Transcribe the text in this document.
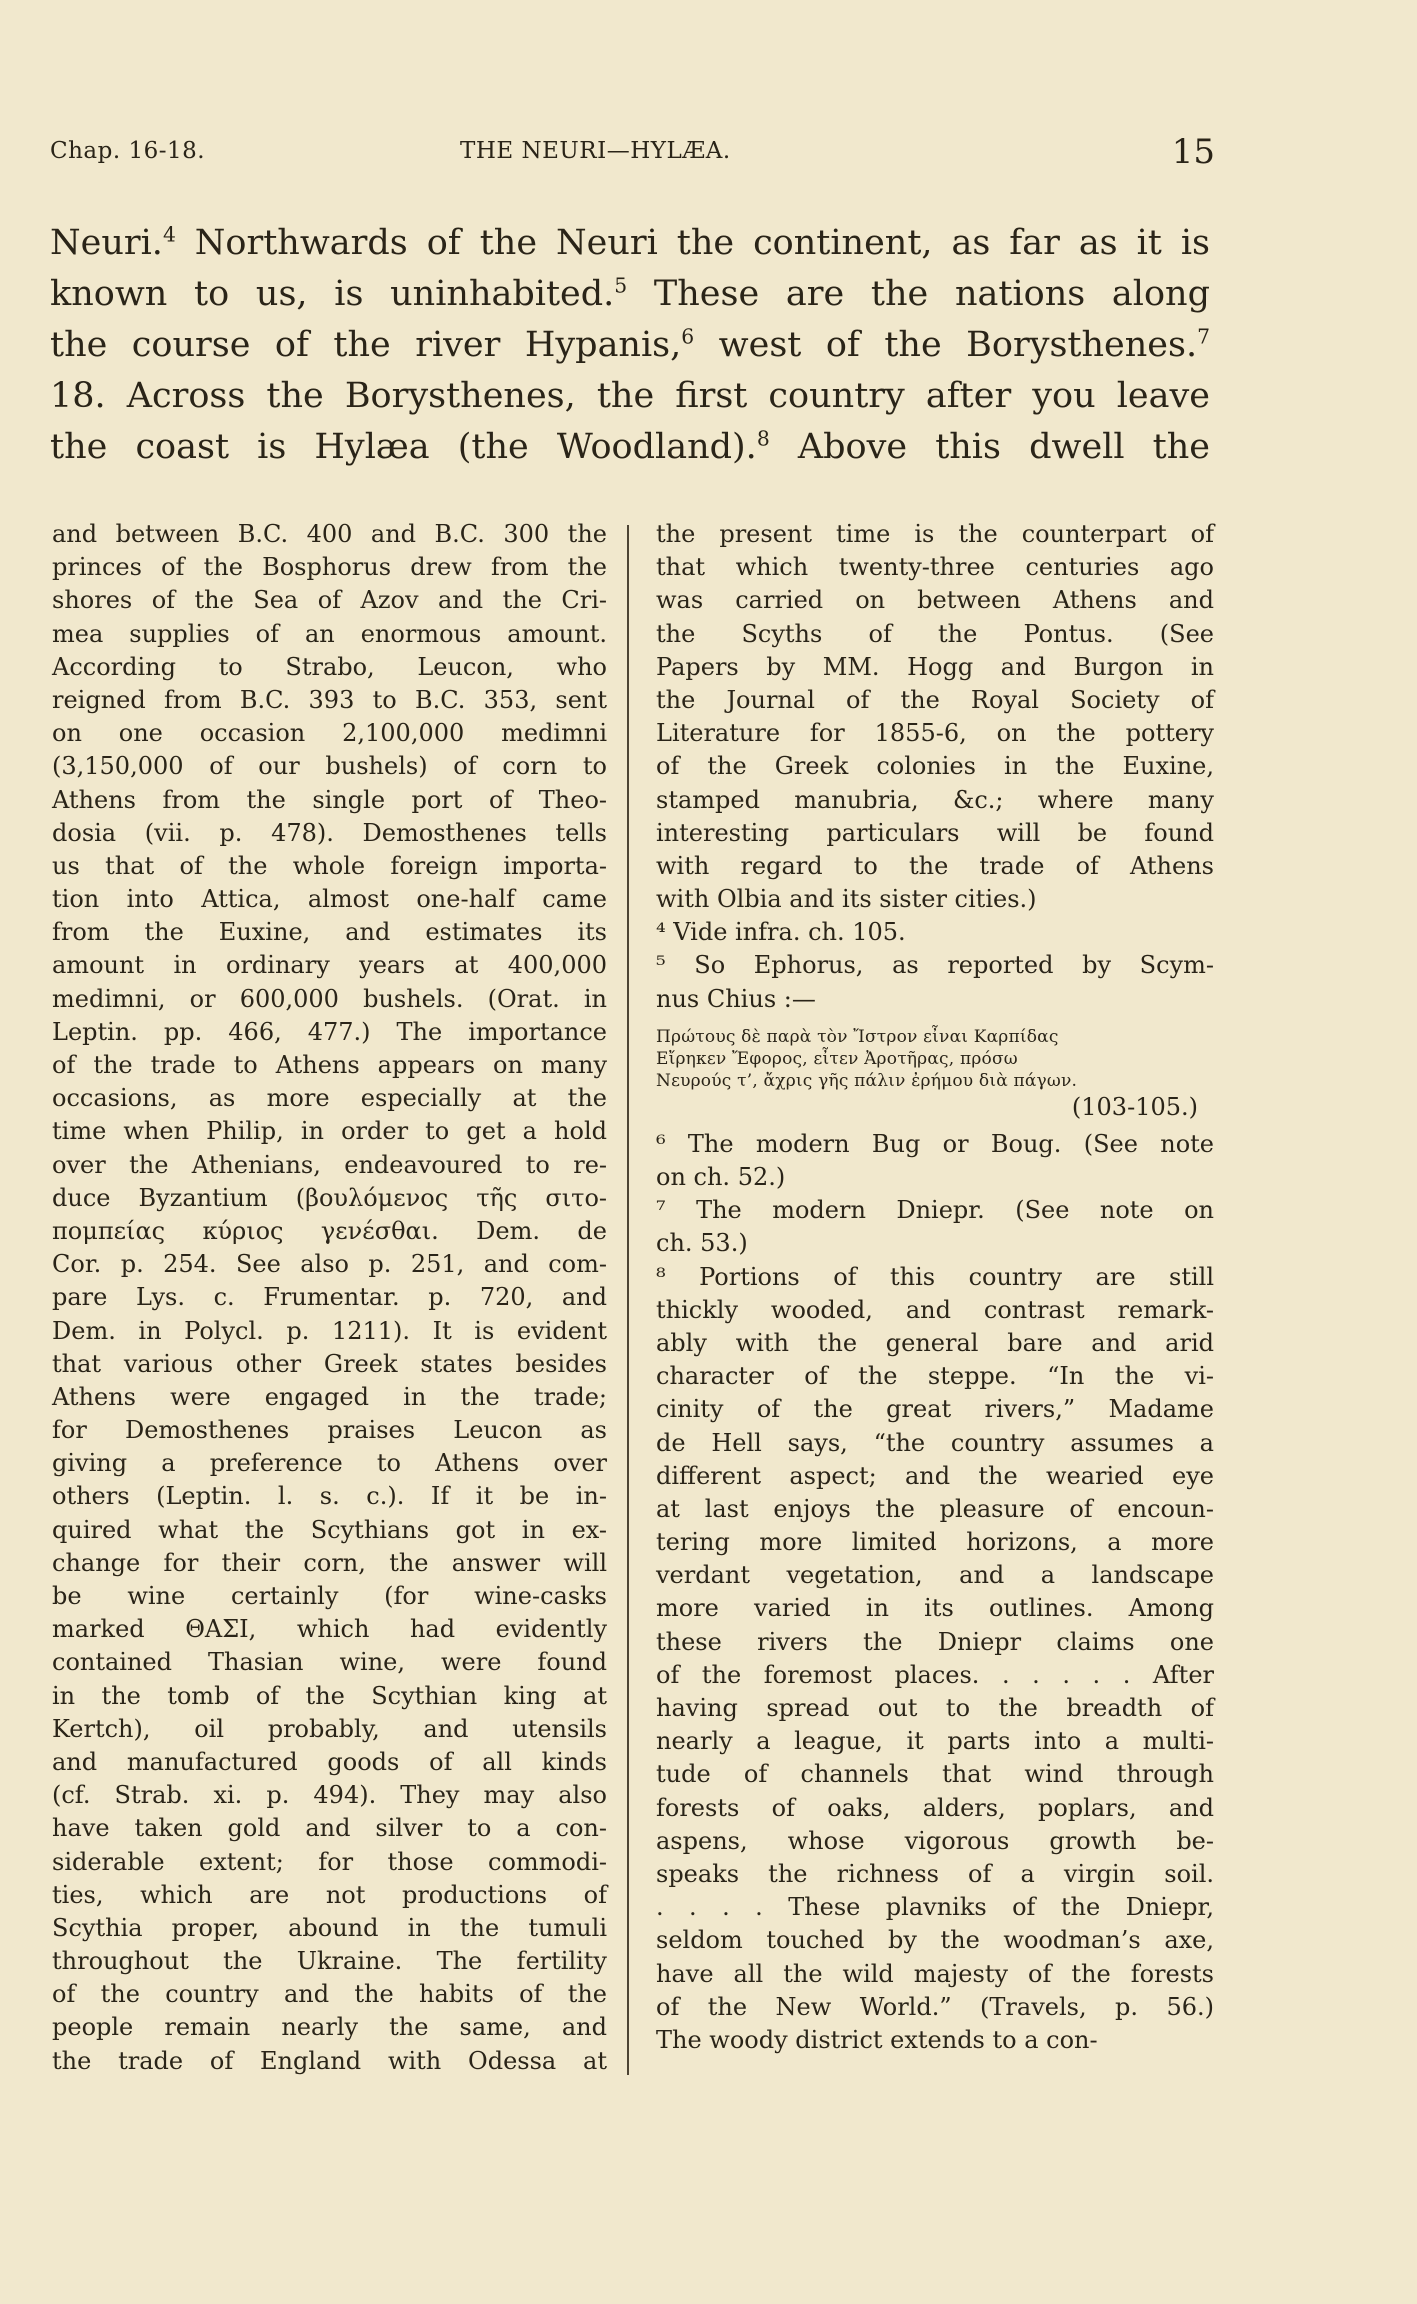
Chap. 16-18.	THE NEURI—HYLÆA.	15
Neuri.$^4$ Northwards of the Neuri the continent, as far as it is
known to us, is uninhabited.$^5$ These are the nations along
the course of the river Hypanis,$^6$ west of the Borysthenes.$^7$
18. Across the Borysthenes, the first country after you leave
the coast is Hylæa (the Woodland).$^8$ Above this dwell the
and between B.C. 400 and B.C. 300 the
princes of the Bosphorus drew from the
shores of the Sea of Azov and the Cri-
mea supplies of an enormous amount.
According to Strabo, Leucon, who
reigned from B.C. 393 to B.C. 353, sent
on one occasion 2,100,000 medimni
(3,150,000 of our bushels) of corn to
Athens from the single port of Theo-
dosia (vii. p. 478). Demosthenes tells
us that of the whole foreign importa-
tion into Attica, almost one-half came
from the Euxine, and estimates its
amount in ordinary years at 400,000
medimni, or 600,000 bushels. (Orat. in
Leptin. pp. 466, 477.) The importance
of the trade to Athens appears on many
occasions, as more especially at the
time when Philip, in order to get a hold
over the Athenians, endeavoured to re-
duce Byzantium (βουλόμενος τῆς σιτο-
πομπείας κύριος γενέσθαι. Dem. de
Cor. p. 254. See also p. 251, and com-
pare Lys. c. Frumentar. p. 720, and
Dem. in Polycl. p. 1211). It is evident
that various other Greek states besides
Athens were engaged in the trade;
for Demosthenes praises Leucon as
giving a preference to Athens over
others (Leptin. l. s. c.). If it be in-
quired what the Scythians got in ex-
change for their corn, the answer will
be wine certainly (for wine-casks
marked ΘΑΣΙ, which had evidently
contained Thasian wine, were found
in the tomb of the Scythian king at
Kertch), oil probably, and utensils
and manufactured goods of all kinds
(cf. Strab. xi. p. 494). They may also
have taken gold and silver to a con-
siderable extent; for those commodi-
ties, which are not productions of
Scythia proper, abound in the tumuli
throughout the Ukraine. The fertility
of the country and the habits of the
people remain nearly the same, and
the trade of England with Odessa at
the present time is the counterpart of
that which twenty-three centuries ago
was carried on between Athens and
the Scyths of the Pontus. (See
Papers by MM. Hogg and Burgon in
the Journal of the Royal Society of
Literature for 1855-6, on the pottery
of the Greek colonies in the Euxine,
stamped manubria, &c.; where many
interesting particulars will be found
with regard to the trade of Athens
with Olbia and its sister cities.)
⁴ Vide infra. ch. 105.
⁵ So Ephorus, as reported by Scym-
nus Chius :—
Πρώτους δὲ παρὰ τὸν Ἴστρον εἶναι Καρπίδας
Εἴρηκεν Ἔφορος, εἶτεν Ἀροτῆρας, πρόσω
Νευρούς τ’, ἄχρις γῆς πάλιν ἐρήμου διὰ πάγων.
(103-105.)
⁶ The modern Bug or Boug. (See note
on ch. 52.)
⁷ The modern Dniepr. (See note on
ch. 53.)
⁸ Portions of this country are still
thickly wooded, and contrast remark-
ably with the general bare and arid
character of the steppe. “In the vi-
cinity of the great rivers,” Madame
de Hell says, “the country assumes a
different aspect; and the wearied eye
at last enjoys the pleasure of encoun-
tering more limited horizons, a more
verdant vegetation, and a landscape
more varied in its outlines. Among
these rivers the Dniepr claims one
of the foremost places. . . . . . After
having spread out to the breadth of
nearly a league, it parts into a multi-
tude of channels that wind through
forests of oaks, alders, poplars, and
aspens, whose vigorous growth be-
speaks the richness of a virgin soil.
. . . . These plavniks of the Dniepr,
seldom touched by the woodman’s axe,
have all the wild majesty of the forests
of the New World.” (Travels, p. 56.)
The woody district extends to a con-
